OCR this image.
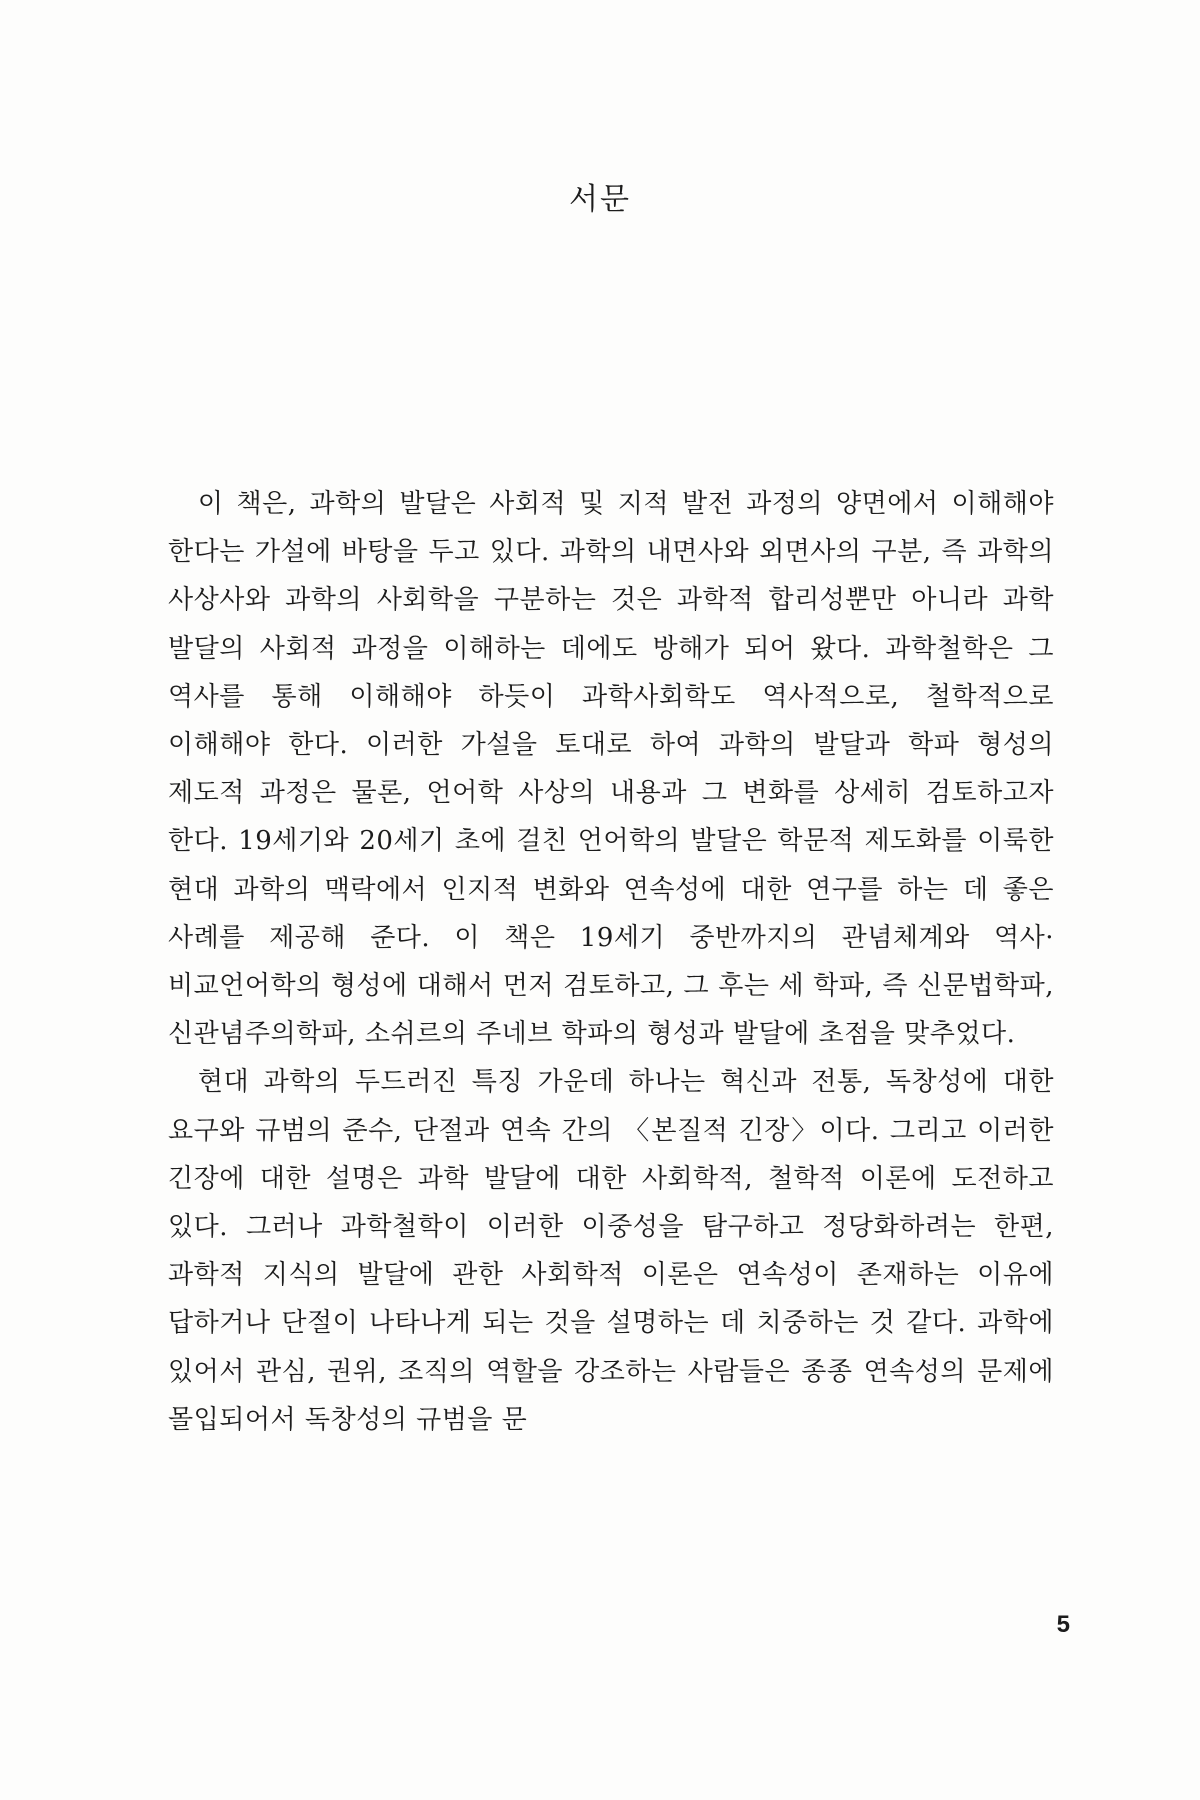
서문

이 책은, 과학의 발달은 사회적 및 지적 발전 과정의 양면에서 이해해야 한다는 가설에 바탕을 두고 있다. 과학의 내면사와 외면사의 구분, 즉 과학의 사상사와 과학의 사회학을 구분하는 것은 과학적 합리성뿐만 아니라 과학 발달의 사회적 과정을 이해하는 데에도 방해가 되어 왔다. 과학철학은 그 역사를 통해 이해해야 하듯이 과학사회학도 역사적으로, 철학적으로 이해해야 한다. 이러한 가설을 토대로 하여 과학의 발달과 학파 형성의 제도적 과정은 물론, 언어학 사상의 내용과 그 변화를 상세히 검토하고자 한다. 19세기와 20세기 초에 걸친 언어학의 발달은 학문적 제도화를 이룩한 현대 과학의 맥락에서 인지적 변화와 연속성에 대한 연구를 하는 데 좋은 사례를 제공해 준다. 이 책은 19세기 중반까지의 관념체계와 역사·비교언어학의 형성에 대해서 먼저 검토하고, 그 후는 세 학파, 즉 신문법학파, 신관념주의학파, 소쉬르의 주네브 학파의 형성과 발달에 초점을 맞추었다.

현대 과학의 두드러진 특징 가운데 하나는 혁신과 전통, 독창성에 대한 요구와 규범의 준수, 단절과 연속 간의 〈본질적 긴장〉이다. 그리고 이러한 긴장에 대한 설명은 과학 발달에 대한 사회학적, 철학적 이론에 도전하고 있다. 그러나 과학철학이 이러한 이중성을 탐구하고 정당화하려는 한편, 과학적 지식의 발달에 관한 사회학적 이론은 연속성이 존재하는 이유에 답하거나 단절이 나타나게 되는 것을 설명하는 데 치중하는 것 같다. 과학에 있어서 관심, 권위, 조직의 역할을 강조하는 사람들은 종종 연속성의 문제에 몰입되어서 독창성의 규범을 문

5
